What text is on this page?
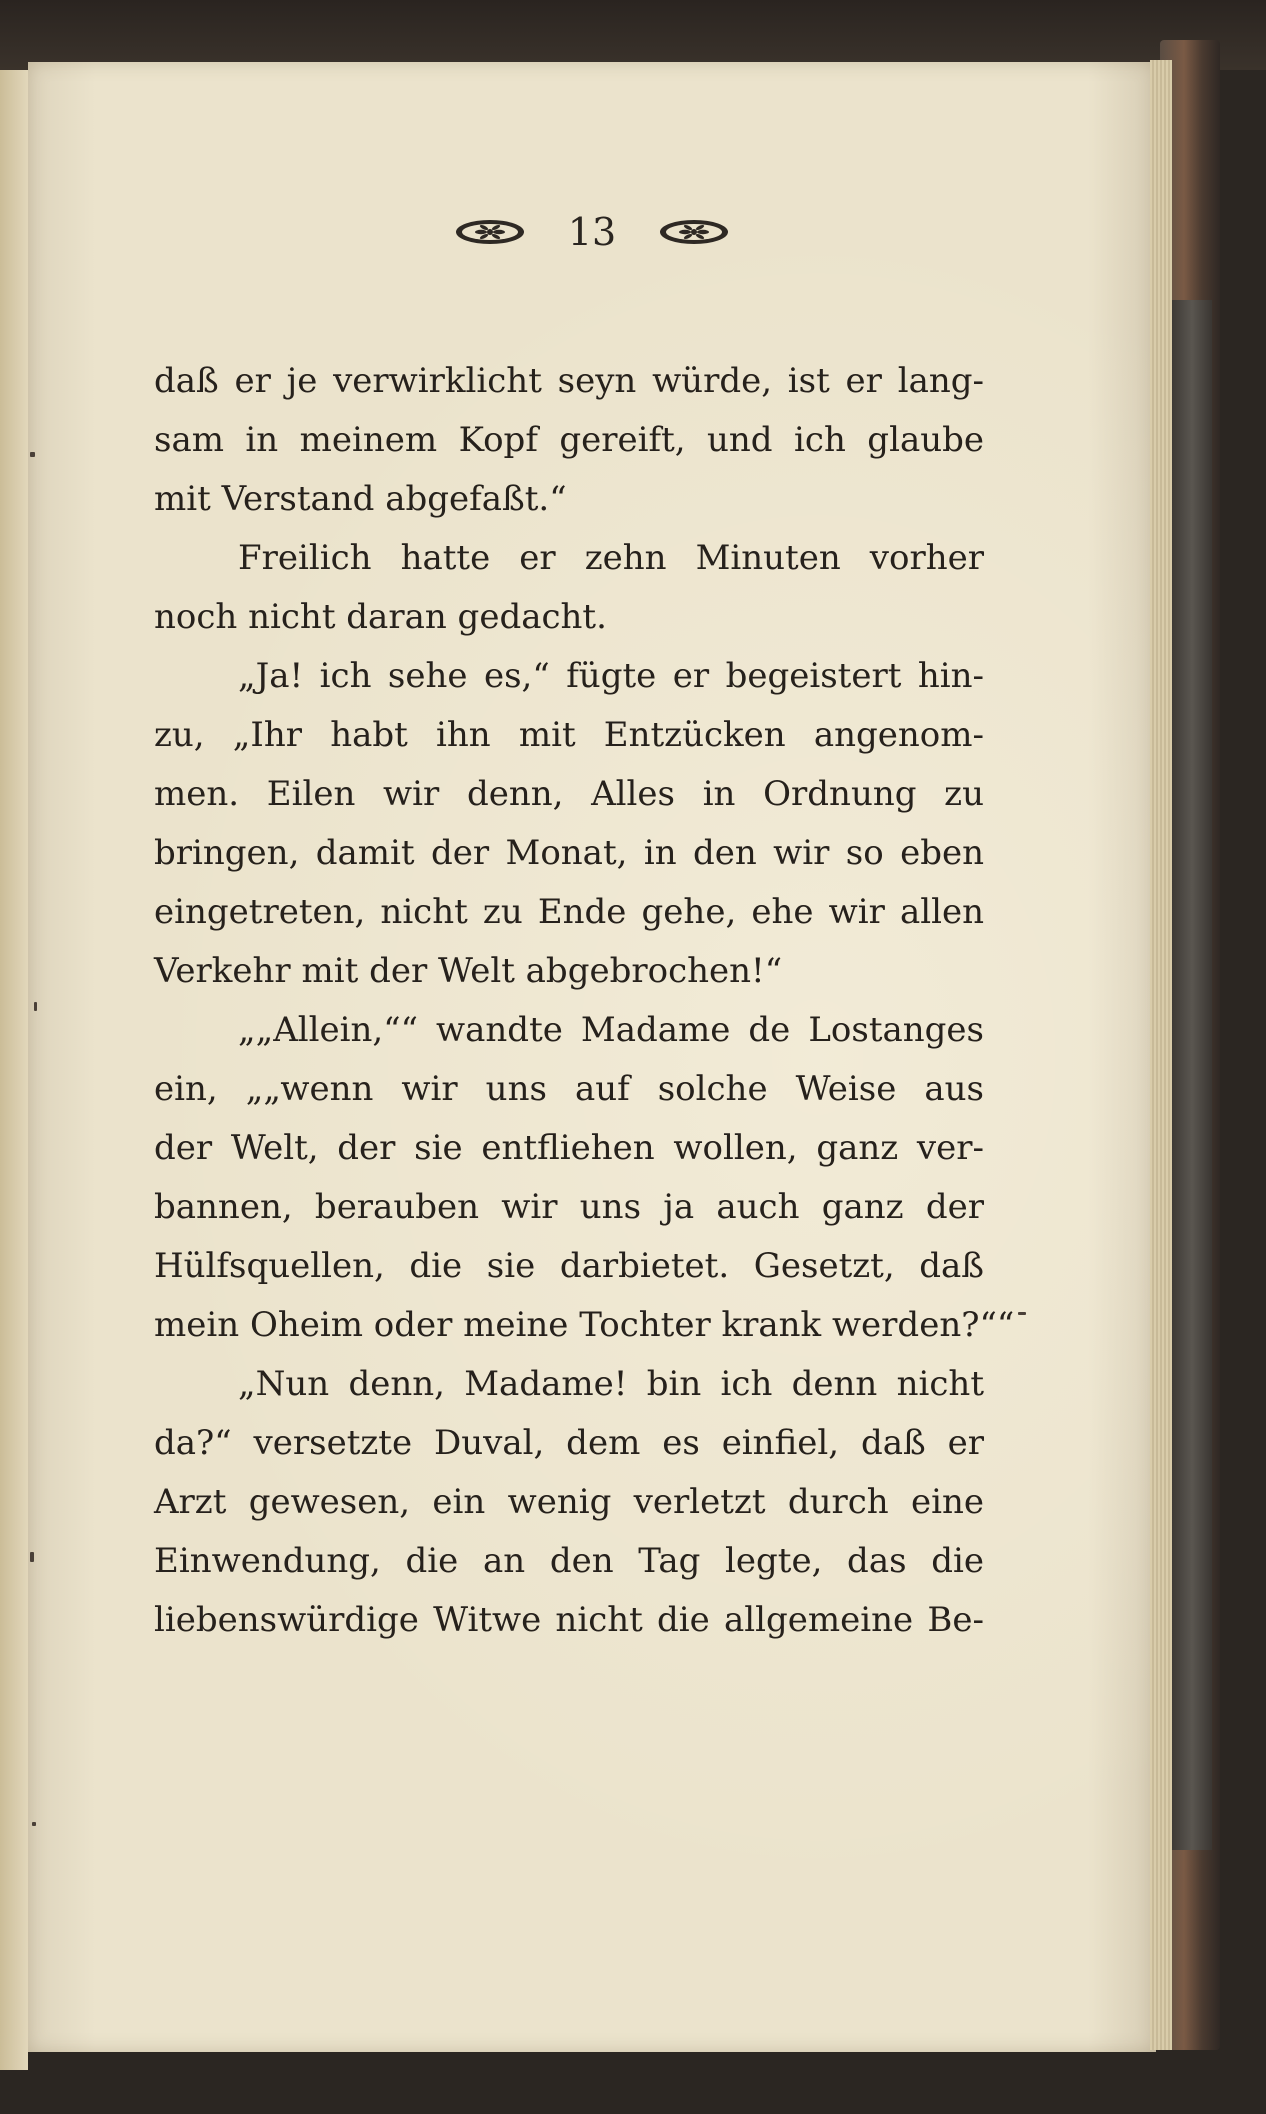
13
daß er je verwirklicht seyn würde, ist er lang-
sam in meinem Kopf gereift, und ich glaube
mit Verstand abgefaßt.“
Freilich hatte er zehn Minuten vorher
noch nicht daran gedacht.
„Ja! ich sehe es,“ fügte er begeistert hin-
zu, „Ihr habt ihn mit Entzücken angenom-
men. Eilen wir denn, Alles in Ordnung zu
bringen, damit der Monat, in den wir so eben
eingetreten, nicht zu Ende gehe, ehe wir allen
Verkehr mit der Welt abgebrochen!“
„„Allein,““ wandte Madame de Lostanges
ein, „„wenn wir uns auf solche Weise aus
der Welt, der sie entfliehen wollen, ganz ver-
bannen, berauben wir uns ja auch ganz der
Hülfsquellen, die sie darbietet. Gesetzt, daß
mein Oheim oder meine Tochter krank werden?““
„Nun denn, Madame! bin ich denn nicht
da?“ versetzte Duval, dem es einfiel, daß er
Arzt gewesen, ein wenig verletzt durch eine
Einwendung, die an den Tag legte, das die
liebenswürdige Witwe nicht die allgemeine Be-
